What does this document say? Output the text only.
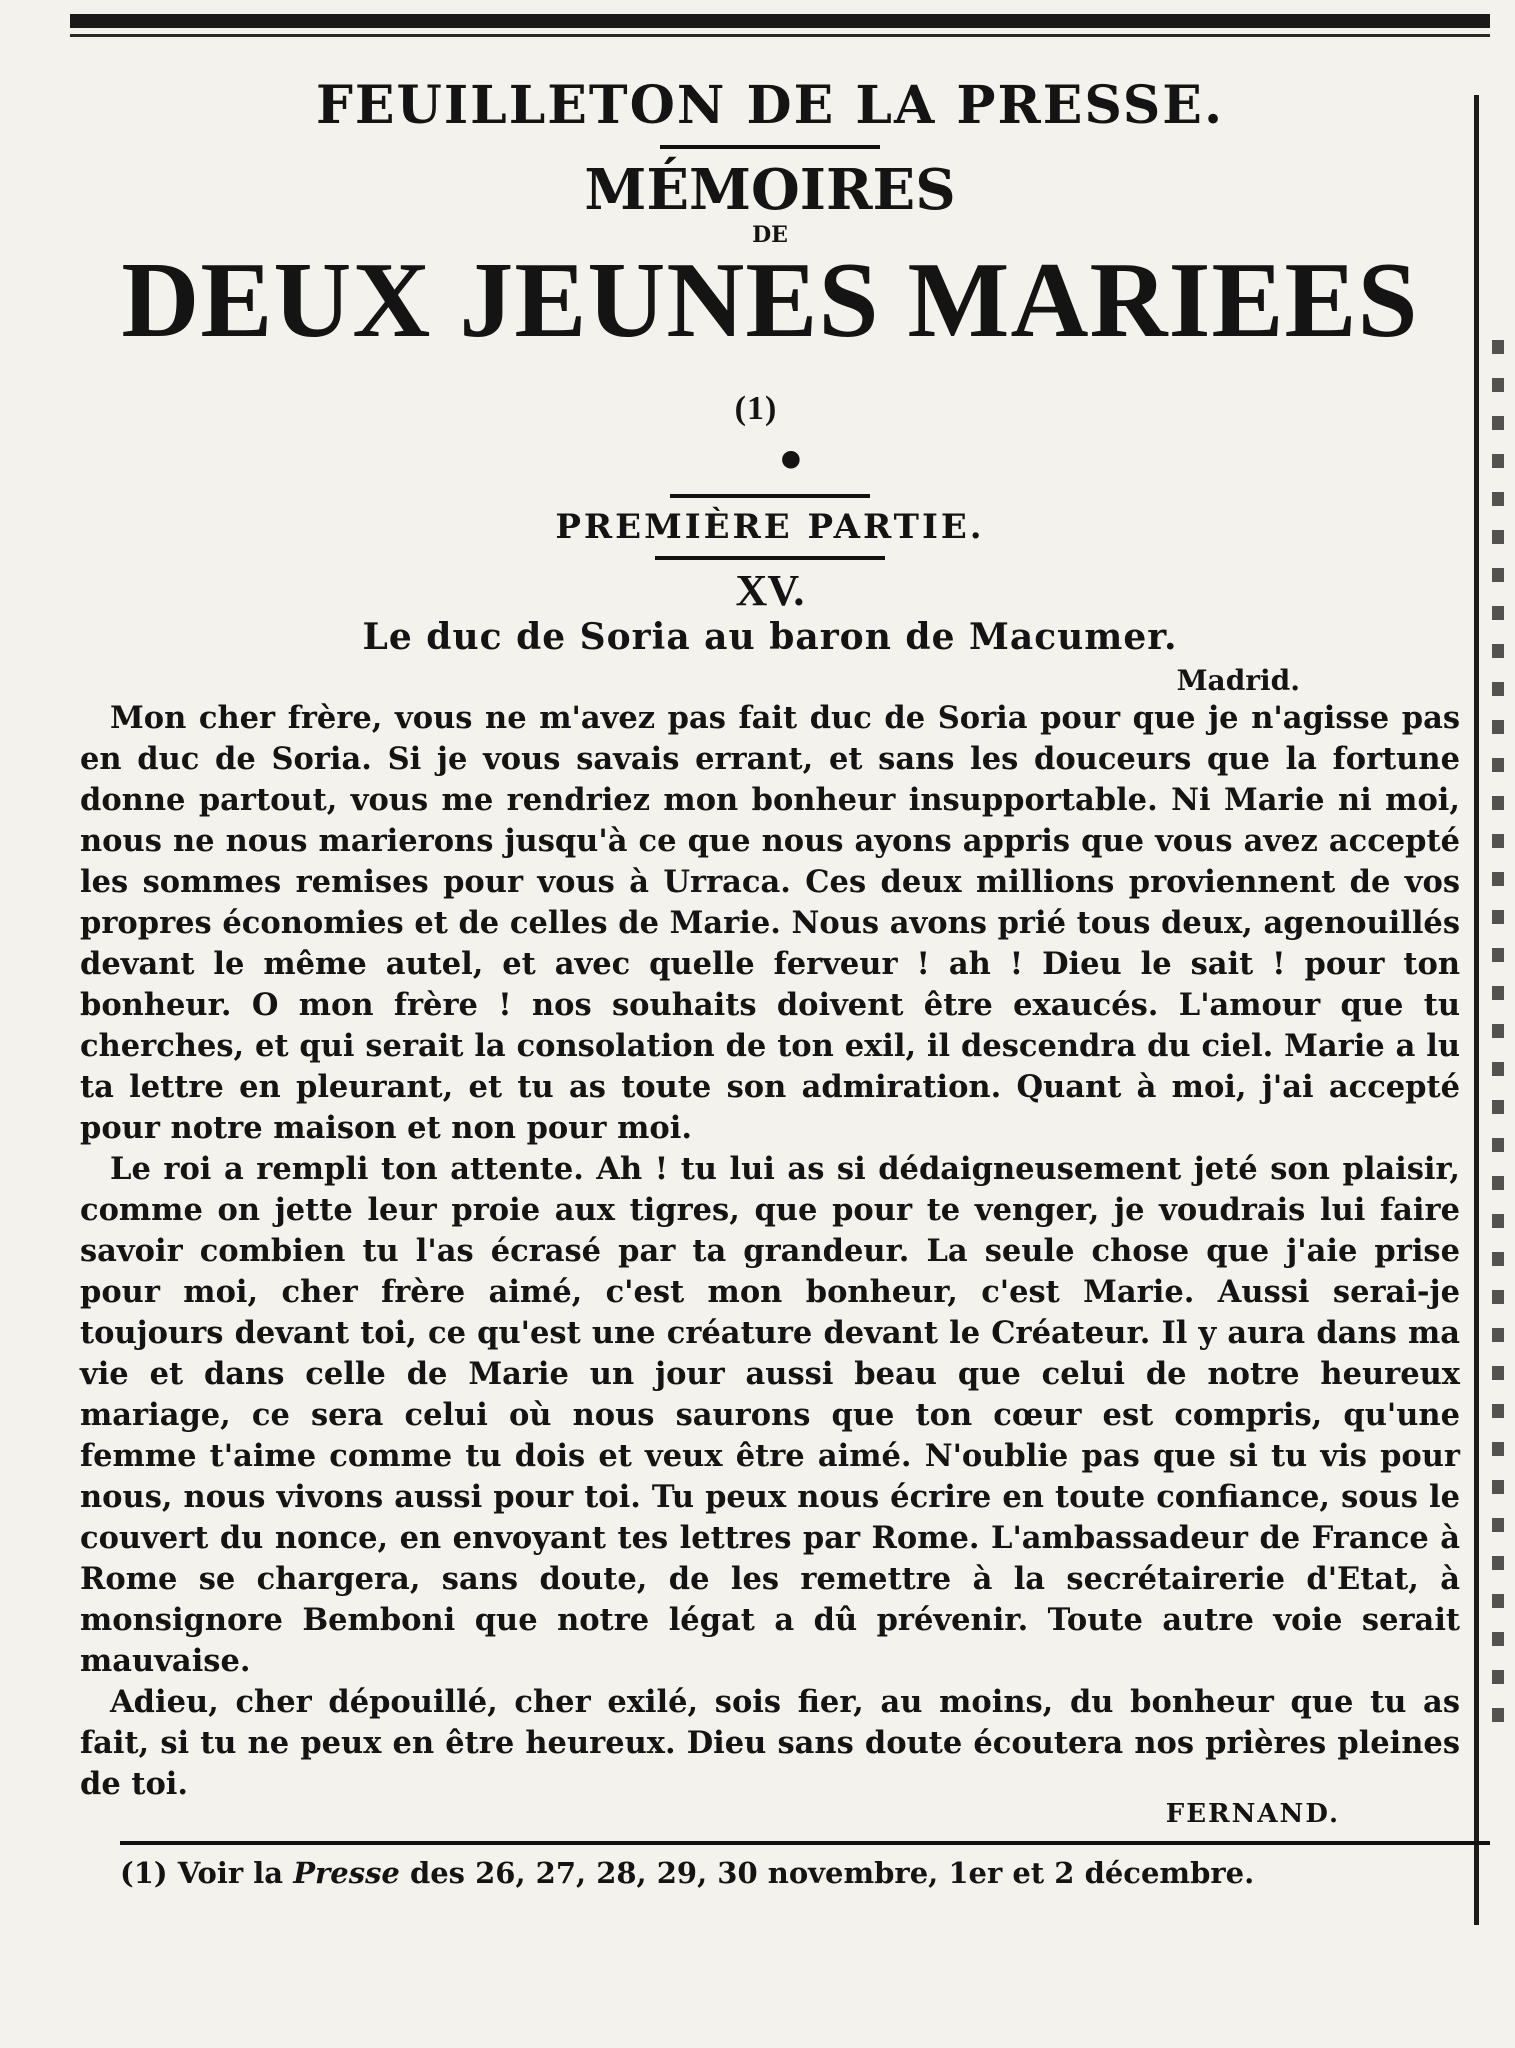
FEUILLETON DE LA PRESSE.

MÉMOIRES

DE

DEUX JEUNES MARIEES $^{(1)}$.

PREMIÈRE PARTIE.

XV.

Le duc de Soria au baron de Macumer.

Madrid.

Mon cher frère, vous ne m'avez pas fait duc de Soria pour que je n'agisse pas en duc de Soria. Si je vous savais errant, et sans les douceurs que la fortune donne partout, vous me rendriez mon bonheur insupportable. Ni Marie ni moi, nous ne nous marierons jusqu'à ce que nous ayons appris que vous avez accepté les sommes remises pour vous à Urraca. Ces deux millions proviennent de vos propres économies et de celles de Marie. Nous avons prié tous deux, agenouillés devant le même autel, et avec quelle ferveur ! ah ! Dieu le sait ! pour ton bonheur. O mon frère ! nos souhaits doivent être exaucés. L'amour que tu cherches, et qui serait la consolation de ton exil, il descendra du ciel. Marie a lu ta lettre en pleurant, et tu as toute son admiration. Quant à moi, j'ai accepté pour notre maison et non pour moi.

Le roi a rempli ton attente. Ah ! tu lui as si dédaigneusement jeté son plaisir, comme on jette leur proie aux tigres, que pour te venger, je voudrais lui faire savoir combien tu l'as écrasé par ta grandeur. La seule chose que j'aie prise pour moi, cher frère aimé, c'est mon bonheur, c'est Marie. Aussi serai-je toujours devant toi, ce qu'est une créature devant le Créateur. Il y aura dans ma vie et dans celle de Marie un jour aussi beau que celui de notre heureux mariage, ce sera celui où nous saurons que ton cœur est compris, qu'une femme t'aime comme tu dois et veux être aimé. N'oublie pas que si tu vis pour nous, nous vivons aussi pour toi. Tu peux nous écrire en toute confiance, sous le couvert du nonce, en envoyant tes lettres par Rome. L'ambassadeur de France à Rome se chargera, sans doute, de les remettre à la secrétairerie d'Etat, à monsignore Bemboni que notre légat a dû prévenir. Toute autre voie serait mauvaise.

Adieu, cher dépouillé, cher exilé, sois fier, au moins, du bonheur que tu as fait, si tu ne peux en être heureux. Dieu sans doute écoutera nos prières pleines de toi.

FERNAND.

(1) Voir la Presse des 26, 27, 28, 29, 30 novembre, 1er et 2 décembre.
